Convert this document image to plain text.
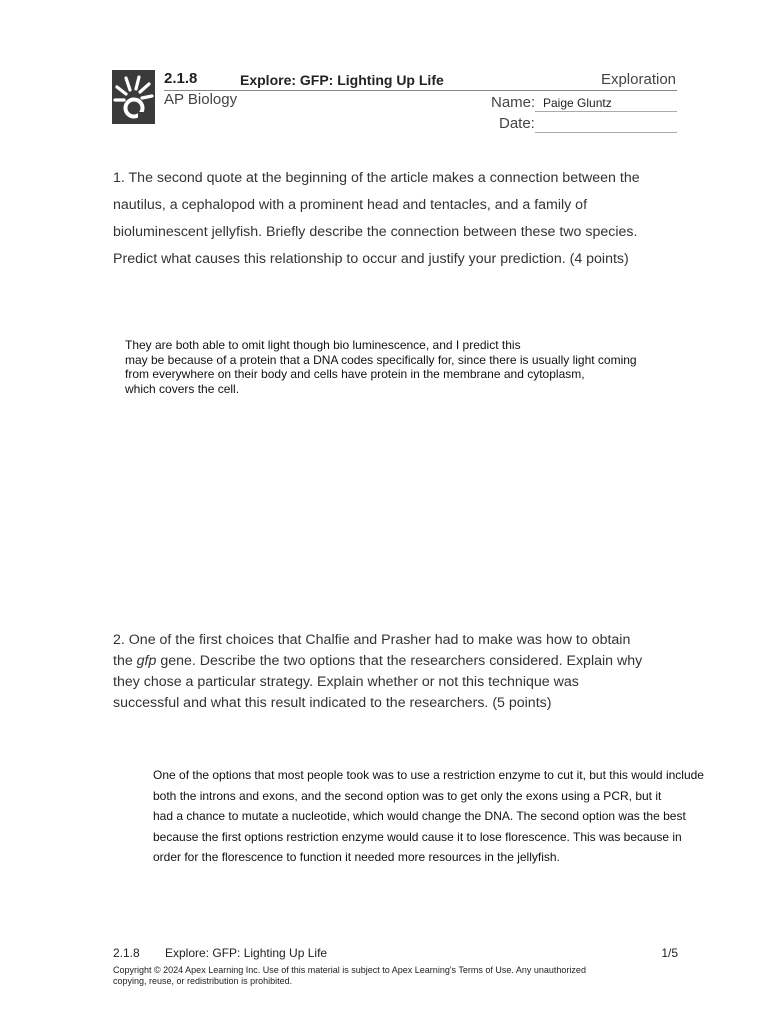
2.1.8	Explore: GFP: Lighting Up Life	Exploration
AP Biology	Name: Paige Gluntz
Date:
1. The second quote at the beginning of the article makes a connection between the
nautilus, a cephalopod with a prominent head and tentacles, and a family of
bioluminescent jellyfish. Briefly describe the connection between these two species.
Predict what causes this relationship to occur and justify your prediction. (4 points)
They are both able to omit light though bio luminescence, and I predict this
may be because of a protein that a DNA codes specifically for, since there is usually light coming
from everywhere on their body and cells have protein in the membrane and cytoplasm,
which covers the cell.
2. One of the first choices that Chalfie and Prasher had to make was how to obtain
the gfp gene. Describe the two options that the researchers considered. Explain why
they chose a particular strategy. Explain whether or not this technique was
successful and what this result indicated to the researchers. (5 points)
One of the options that most people took was to use a restriction enzyme to cut it, but this would include
both the introns and exons, and the second option was to get only the exons using a PCR, but it
had a chance to mutate a nucleotide, which would change the DNA. The second option was the best
because the first options restriction enzyme would cause it to lose florescence. This was because in
order for the florescence to function it needed more resources in the jellyfish.
2.1.8 Explore: GFP: Lighting Up Life	1/5
Copyright © 2024 Apex Learning Inc. Use of this material is subject to Apex Learning's Terms of Use. Any unauthorized
copying, reuse, or redistribution is prohibited.
